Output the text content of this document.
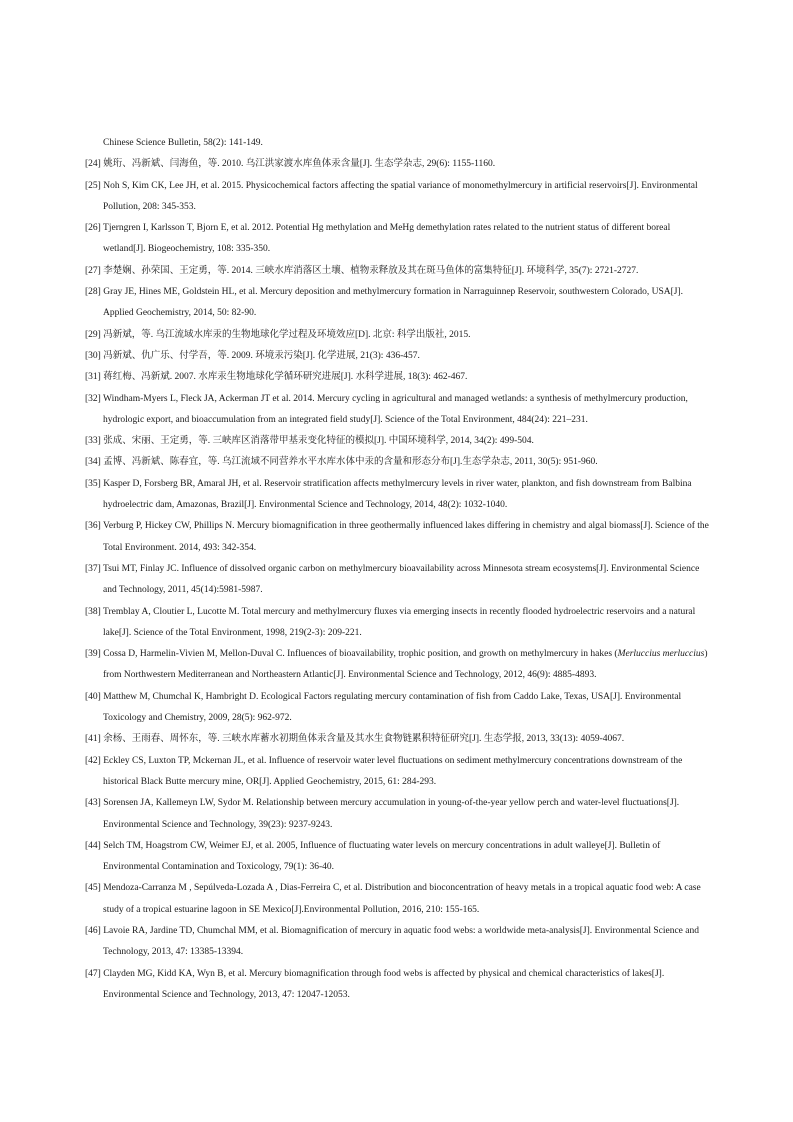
Chinese Science Bulletin, 58(2): 141-149.
[24] 姚珩、冯新斌、闫海鱼，等. 2010. 乌江洪家渡水库鱼体汞含量[J]. 生态学杂志, 29(6): 1155-1160.
[25] Noh S, Kim CK, Lee JH, et al. 2015. Physicochemical factors affecting the spatial variance of monomethylmercury in artificial reservoirs[J]. Environmental Pollution, 208: 345-353.
[26] Tjerngren I, Karlsson T, Bjorn E, et al. 2012. Potential Hg methylation and MeHg demethylation rates related to the nutrient status of different boreal wetland[J]. Biogeochemistry, 108: 335-350.
[27] 李楚娴、孙荣国、王定勇，等. 2014. 三峡水库消落区土壤、植物汞释放及其在斑马鱼体的富集特征[J]. 环境科学, 35(7): 2721-2727.
[28] Gray JE, Hines ME, Goldstein HL, et al. Mercury deposition and methylmercury formation in Narraguinnep Reservoir, southwestern Colorado, USA[J]. Applied Geochemistry, 2014, 50: 82-90.
[29] 冯新斌，等. 乌江流域水库汞的生物地球化学过程及环境效应[D]. 北京: 科学出版社, 2015.
[30] 冯新斌、仇广乐、付学吾，等. 2009. 环境汞污染[J]. 化学进展, 21(3): 436-457.
[31] 蒋红梅、冯新斌. 2007. 水库汞生物地球化学循环研究进展[J]. 水科学进展, 18(3): 462-467.
[32] Windham-Myers L, Fleck JA, Ackerman JT et al. 2014. Mercury cycling in agricultural and managed wetlands: a synthesis of methylmercury production, hydrologic export, and bioaccumulation from an integrated field study[J]. Science of the Total Environment, 484(24): 221–231.
[33] 张成、宋丽、王定勇，等. 三峡库区消落带甲基汞变化特征的模拟[J]. 中国环境科学, 2014, 34(2): 499-504.
[34] 孟博、冯新斌、陈春宜，等. 乌江流域不同营养水平水库水体中汞的含量和形态分布[J].生态学杂志, 2011, 30(5): 951-960.
[35] Kasper D, Forsberg BR, Amaral JH, et al. Reservoir stratification affects methylmercury levels in river water, plankton, and fish downstream from Balbina hydroelectric dam, Amazonas, Brazil[J]. Environmental Science and Technology, 2014, 48(2): 1032-1040.
[36] Verburg P, Hickey CW, Phillips N. Mercury biomagnification in three geothermally influenced lakes differing in chemistry and algal biomass[J]. Science of the Total Environment. 2014, 493: 342-354.
[37] Tsui MT, Finlay JC. Influence of dissolved organic carbon on methylmercury bioavailability across Minnesota stream ecosystems[J]. Environmental Science and Technology, 2011, 45(14):5981-5987.
[38] Tremblay A, Cloutier L, Lucotte M. Total mercury and methylmercury fluxes via emerging insects in recently flooded hydroelectric reservoirs and a natural lake[J]. Science of the Total Environment, 1998, 219(2-3): 209-221.
[39] Cossa D, Harmelin-Vivien M, Mellon-Duval C. Influences of bioavailability, trophic position, and growth on methylmercury in hakes (Merluccius merluccius) from Northwestern Mediterranean and Northeastern Atlantic[J]. Environmental Science and Technology, 2012, 46(9): 4885-4893.
[40] Matthew M, Chumchal K, Hambright D. Ecological Factors regulating mercury contamination of fish from Caddo Lake, Texas, USA[J]. Environmental Toxicology and Chemistry, 2009, 28(5): 962-972.
[41] 余杨、王雨春、周怀东，等. 三峡水库蓄水初期鱼体汞含量及其水生食物链累积特征研究[J]. 生态学报, 2013, 33(13): 4059-4067.
[42] Eckley CS, Luxton TP, Mckernan JL, et al. Influence of reservoir water level fluctuations on sediment methylmercury concentrations downstream of the historical Black Butte mercury mine, OR[J]. Applied Geochemistry, 2015, 61: 284-293.
[43] Sorensen JA, Kallemeyn LW, Sydor M. Relationship between mercury accumulation in young-of-the-year yellow perch and water-level fluctuations[J]. Environmental Science and Technology, 39(23): 9237-9243.
[44] Selch TM, Hoagstrom CW, Weimer EJ, et al. 2005, Influence of fluctuating water levels on mercury concentrations in adult walleye[J]. Bulletin of Environmental Contamination and Toxicology, 79(1): 36-40.
[45] Mendoza-Carranza M , Sepúlveda-Lozada A , Dias-Ferreira C, et al. Distribution and bioconcentration of heavy metals in a tropical aquatic food web: A case study of a tropical estuarine lagoon in SE Mexico[J].Environmental Pollution, 2016, 210: 155-165.
[46] Lavoie RA, Jardine TD, Chumchal MM, et al. Biomagnification of mercury in aquatic food webs: a worldwide meta-analysis[J]. Environmental Science and Technology, 2013, 47: 13385-13394.
[47] Clayden MG, Kidd KA, Wyn B, et al. Mercury biomagnification through food webs is affected by physical and chemical characteristics of lakes[J]. Environmental Science and Technology, 2013, 47: 12047-12053.
